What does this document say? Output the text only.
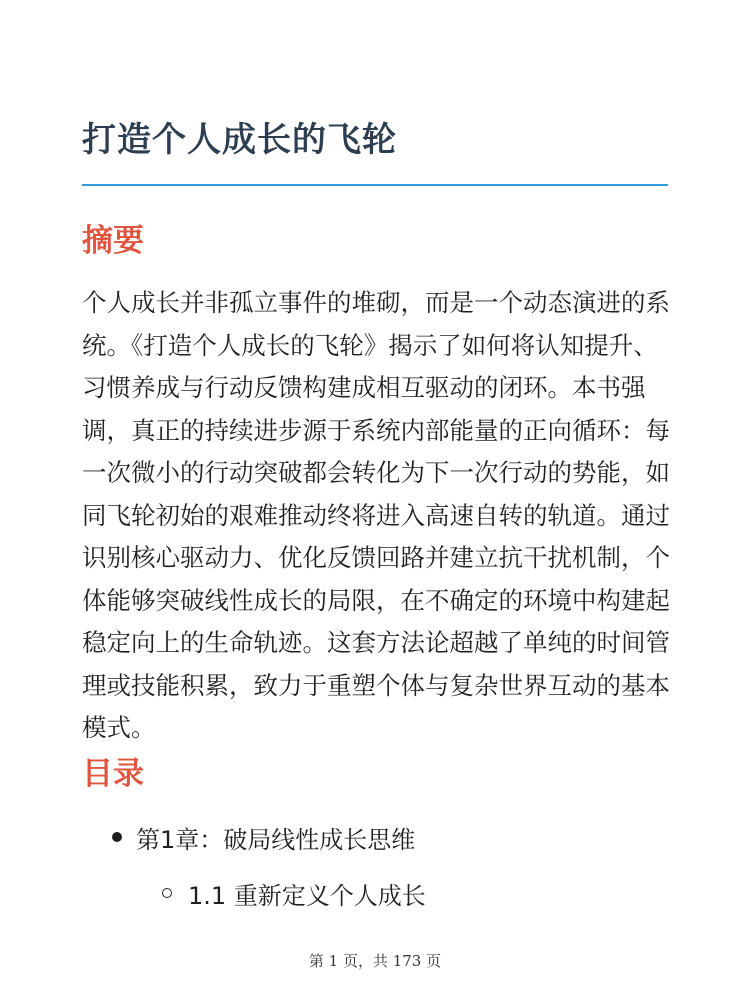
打造个人成长的飞轮
摘要

个人成长并非孤立事件的堆砌，而是一个动态演进的系统。《打造个人成长的飞轮》揭示了如何将认知提升、习惯养成与行动反馈构建成相互驱动的闭环。本书强调，真正的持续进步源于系统内部能量的正向循环：每一次微小的行动突破都会转化为下一次行动的势能，如同飞轮初始的艰难推动终将进入高速自转的轨道。通过识别核心驱动力、优化反馈回路并建立抗干扰机制，个体能够突破线性成长的局限，在不确定的环境中构建起稳定向上的生命轨迹。这套方法论超越了单纯的时间管理或技能积累，致力于重塑个体与复杂世界互动的基本模式。

目录
第1章：破局线性成长思维
1.1 重新定义个人成长
第 1 页，共 173 页
